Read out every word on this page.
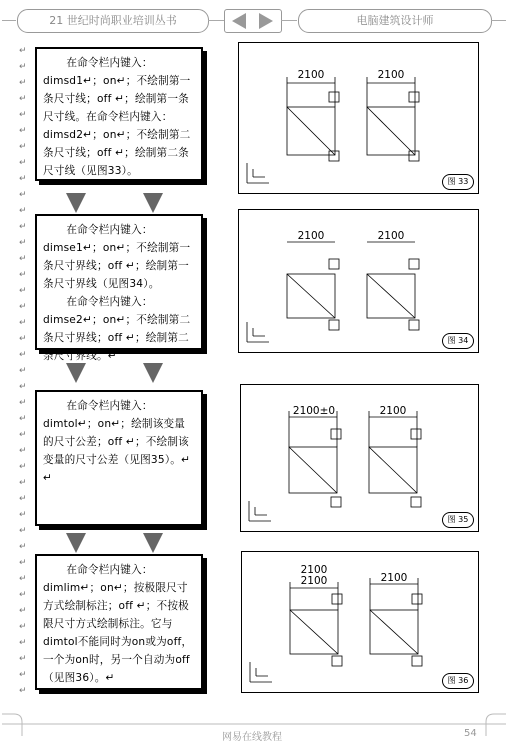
21 世纪时尚职业培训丛书	电脑建筑设计师
↵
↵
↵
↵
↵
↵
↵
↵
↵
↵
↵
↵
↵
↵
↵
↵
↵
↵
↵
↵
↵
↵
↵
↵
↵
↵
↵
↵
↵
↵
↵
↵
↵
↵
↵
↵
↵
↵
↵
↵
↵

在命令栏内键入：dimsd1↵；on↵；不绘制第一条尺寸线；off ↵；绘制第一条尺寸线。在命令栏内键入：dimsd2↵；on↵；不绘制第二条尺寸线；off ↵；绘制第二条尺寸线（见图33）。

2100	2100
图 33

在命令栏内键入：dimse1↵；on↵；不绘制第一条尺寸界线；off ↵；绘制第一条尺寸界线（见图34）。

在命令栏内键入：dimse2↵；on↵；不绘制第二条尺寸界线；off ↵；绘制第二条尺寸界线。↵

2100	2100
图 34

在命令栏内键入：dimtol↵；on↵；绘制该变量的尺寸公差；off ↵；不绘制该变量的尺寸公差（见图35）。↵

↵

2100±0	2100
图 35

在命令栏内键入：dimlim↵；on↵；按极限尺寸方式绘制标注；off ↵；不按极限尺寸方式绘制标注。它与dimtol不能同时为on或为off，一个为on时，另一个自动为off（见图36）。↵

2100
2100	2100
图 36
网易在线教程	54
